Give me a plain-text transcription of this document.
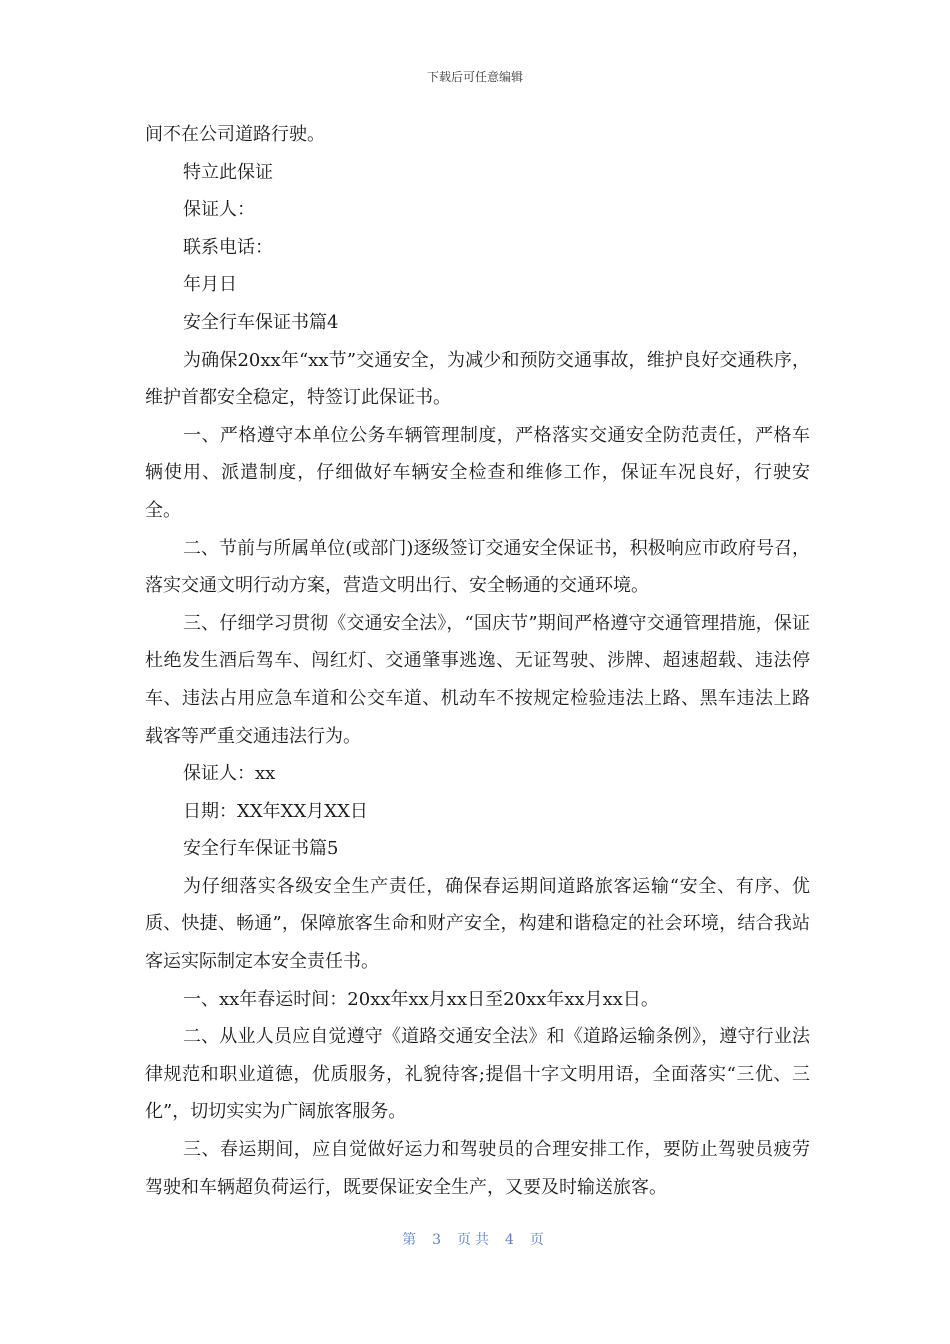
下载后可任意编辑

间不在公司道路行驶。

特立此保证

保证人：

联系电话：

年月日

安全行车保证书篇4

为确保20xx年“xx节”交通安全，为减少和预防交通事故，维护良好交通秩序，维护首都安全稳定，特签订此保证书。

一、严格遵守本单位公务车辆管理制度，严格落实交通安全防范责任，严格车辆使用、派遣制度，仔细做好车辆安全检查和维修工作，保证车况良好，行驶安全。

二、节前与所属单位(或部门)逐级签订交通安全保证书，积极响应市政府号召，落实交通文明行动方案，营造文明出行、安全畅通的交通环境。

三、仔细学习贯彻《交通安全法》，“国庆节”期间严格遵守交通管理措施，保证杜绝发生酒后驾车、闯红灯、交通肇事逃逸、无证驾驶、涉牌、超速超载、违法停车、违法占用应急车道和公交车道、机动车不按规定检验违法上路、黑车违法上路载客等严重交通违法行为。

保证人：xx

日期：XX年XX月XX日

安全行车保证书篇5

为仔细落实各级安全生产责任，确保春运期间道路旅客运输“安全、有序、优质、快捷、畅通”，保障旅客生命和财产安全，构建和谐稳定的社会环境，结合我站客运实际制定本安全责任书。

一、xx年春运时间：20xx年xx月xx日至20xx年xx月xx日。

二、从业人员应自觉遵守《道路交通安全法》和《道路运输条例》，遵守行业法律规范和职业道德，优质服务，礼貌待客;提倡十字文明用语，全面落实“三优、三化”，切切实实为广阔旅客服务。

三、春运期间，应自觉做好运力和驾驶员的合理安排工作，要防止驾驶员疲劳驾驶和车辆超负荷运行，既要保证安全生产，又要及时输送旅客。

第 3 页共 4 页
